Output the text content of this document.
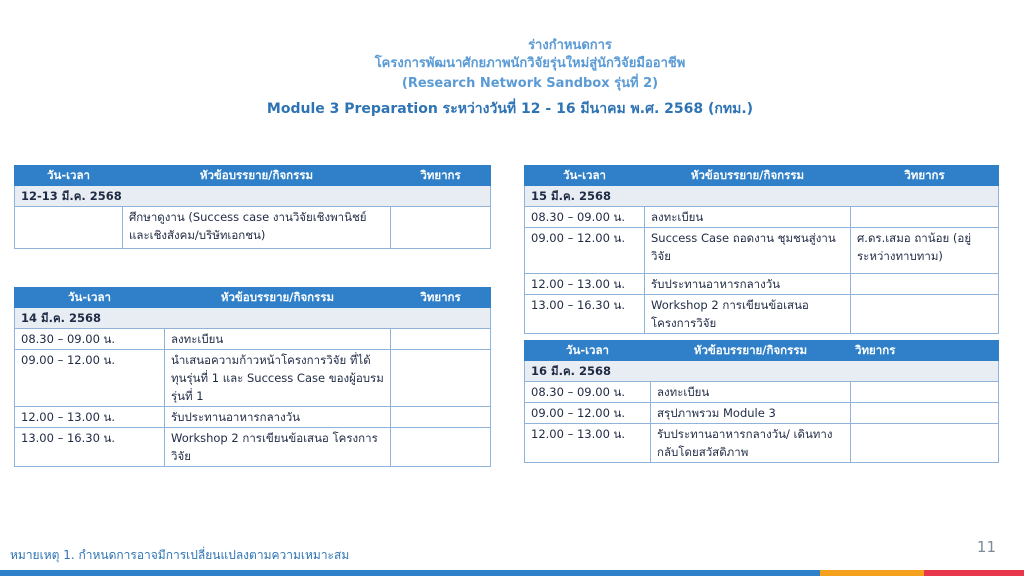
ร่างกำหนดการ
โครงการพัฒนาศักยภาพนักวิจัยรุ่นใหม่สู่นักวิจัยมืออาชีพ
(Research Network Sandbox รุ่นที่ 2)
Module 3 Preparation ระหว่างวันที่ 12 - 16 มีนาคม พ.ศ. 2568 (กทม.)
วัน-เวลา	หัวข้อบรรยาย/กิจกรรม	วิทยากร
12-13 มี.ค. 2568		
	ศึกษาดูงาน (Success case งานวิจัยเชิงพานิชย์ และเชิงสังคม/บริษัทเอกชน)	
วัน-เวลา	หัวข้อบรรยาย/กิจกรรม	วิทยากร
14 มี.ค. 2568		
08.30 – 09.00 น.	ลงทะเบียน	
09.00 – 12.00 น.	นำเสนอความก้าวหน้าโครงการวิจัย ที่ได้ทุนรุ่นที่ 1 และ Success Case ของผู้อบรมรุ่นที่ 1	
12.00 – 13.00 น.	รับประทานอาหารกลางวัน	
13.00 – 16.30 น.	Workshop 2 การเขียนข้อเสนอ โครงการวิจัย	
วัน-เวลา	หัวข้อบรรยาย/กิจกรรม	วิทยากร
15 มี.ค. 2568		
08.30 – 09.00 น.	ลงทะเบียน	
09.00 – 12.00 น.	Success Case ถอดงาน ชุมชนสู่งานวิจัย	ศ.ดร.เสมอ ถาน้อย (อยู่ระหว่างทาบทาม)
12.00 – 13.00 น.	รับประทานอาหารกลางวัน	
13.00 – 16.30 น.	Workshop 2 การเขียนข้อเสนอ โครงการวิจัย	
วัน-เวลา	หัวข้อบรรยาย/กิจกรรม	วิทยากร
16 มี.ค. 2568		
08.30 – 09.00 น.	ลงทะเบียน	
09.00 – 12.00 น.	สรุปภาพรวม Module 3	
12.00 – 13.00 น.	รับประทานอาหารกลางวัน/ เดินทางกลับโดยสวัสดิภาพ	
11
หมายเหตุ 1. กำหนดการอาจมีการเปลี่ยนแปลงตามความเหมาะสม
